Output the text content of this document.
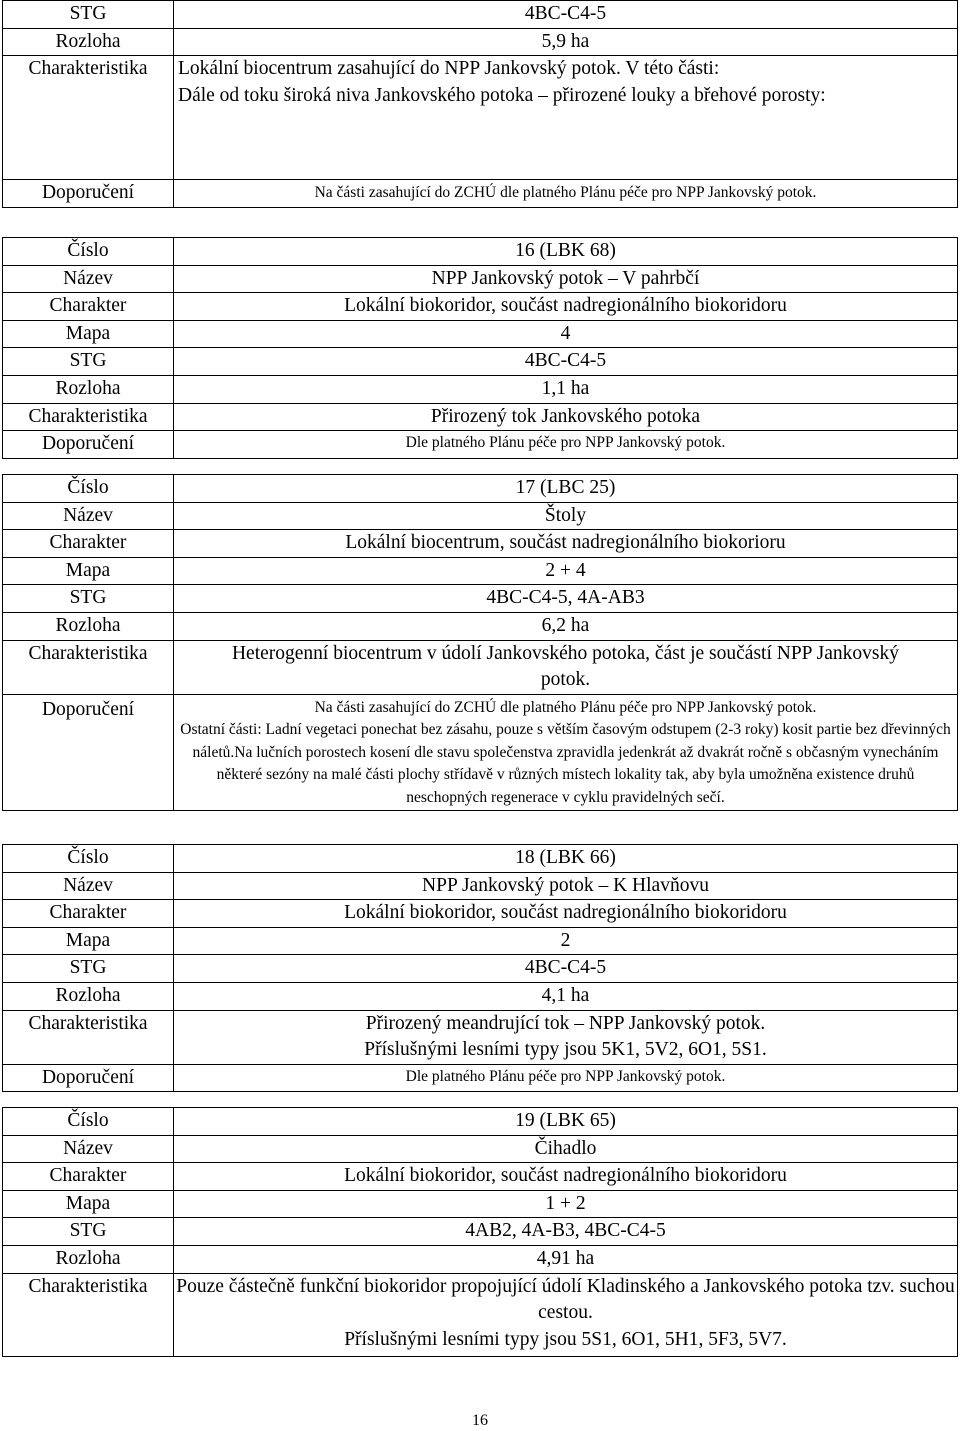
STG	4BC-C4-5
Rozloha	5,9 ha
Charakteristika	Lokální biocentrum zasahující do NPP Jankovský potok. V této části:
Dále od toku široká niva Jankovského potoka – přirozené louky a břehové porosty:

Doporučení	Na části zasahující do ZCHÚ dle platného Plánu péče pro NPP Jankovský potok.
Číslo	16 (LBK 68)
Název	NPP Jankovský potok – V pahrbčí
Charakter	Lokální biokoridor, součást nadregionálního biokoridoru
Mapa	4
STG	4BC-C4-5
Rozloha	1,1 ha
Charakteristika	Přirozený tok Jankovského potoka
Doporučení	Dle platného Plánu péče pro NPP Jankovský potok.
Číslo	17 (LBC 25)
Název	Štoly
Charakter	Lokální biocentrum, součást nadregionálního biokorioru
Mapa	2 + 4
STG	4BC-C4-5, 4A-AB3
Rozloha	6,2 ha
Charakteristika	Heterogenní biocentrum v údolí Jankovského potoka, část je součástí NPP Jankovský potok.
Doporučení	Na části zasahující do ZCHÚ dle platného Plánu péče pro NPP Jankovský potok.
Ostatní části: Ladní vegetaci ponechat bez zásahu, pouze s větším časovým odstupem (2-3 roky) kosit partie bez dřevinných náletů.Na lučních porostech kosení dle stavu společenstva zpravidla jedenkrát až dvakrát ročně s občasným vynecháním některé sezóny na malé části plochy střídavě v různých místech lokality tak, aby byla umožněna existence druhů neschopných regenerace v cyklu pravidelných sečí.
Číslo	18 (LBK 66)
Název	NPP Jankovský potok – K Hlavňovu
Charakter	Lokální biokoridor, součást nadregionálního biokoridoru
Mapa	2
STG	4BC-C4-5
Rozloha	4,1 ha
Charakteristika	Přirozený meandrující tok – NPP Jankovský potok.
Příslušnými lesními typy jsou 5K1, 5V2, 6O1, 5S1.

Doporučení	Dle platného Plánu péče pro NPP Jankovský potok.
Číslo	19 (LBK 65)
Název	Čihadlo
Charakter	Lokální biokoridor, součást nadregionálního biokoridoru
Mapa	1 + 2
STG	4AB2, 4A-B3, 4BC-C4-5
Rozloha	4,91 ha
Charakteristika	Pouze částečně funkční biokoridor propojující údolí Kladinského a Jankovského potoka tzv. suchou cestou.
Příslušnými lesními typy jsou 5S1, 6O1, 5H1, 5F3, 5V7.
16
